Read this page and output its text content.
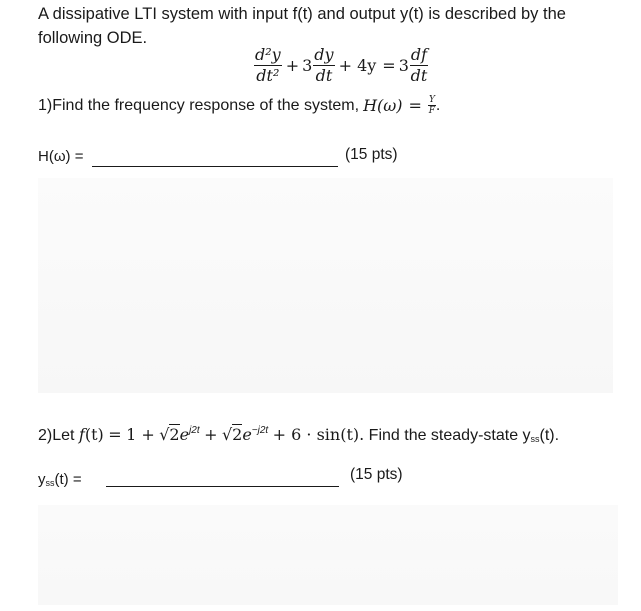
A dissipative LTI system with input f(t) and output y(t) is described by the following ODE.
$\frac{\text{d²y}}{\text{dt²}} + 3 \frac{dy}{dt} + 4y = 3 \frac{df}{dt}$
1)Find the frequency response of the system, $H(\omega) = \frac{Y}{F}$ .
H(ω) =	(15 pts)
2)Let $f(t) = 1 + √2e^{j2t} + √2e^{-j2t} + 6 \cdot \sin(t)$. Find the steady-state $y_{ss}(t)$.
$y_{ss}(t)$ =	(15 pts)
